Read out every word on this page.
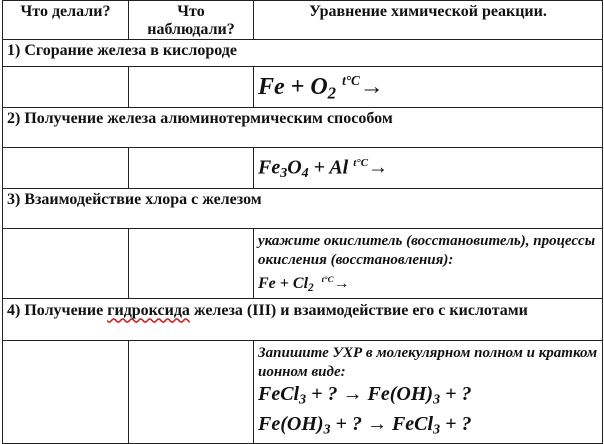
Что делали?	Что наблюдали?	Уравнение химической реакции.
1) Сгорание железа в кислороде		
		$Fe + O_2$ $^{t^\circ C}$→
2) Получение железа алюминотермическим способом		
		$Fe_3O_4 + Al$ $^{t^\circ C}$→
3) Взаимодействие хлора с железом		

		укажите окислитель (восстановитель), процессы окисления (восстановления):
$Fe + Cl_2$  $^{t^\circ C}$→

4) Получение гидроксида железа (III) и взаимодействие его с кислотами		

		Запишите УХР в молекулярном полном и кратком ионном виде:
FeCl$_3$ + ? → $Fe(OH)_3$ + ?
$Fe(OH)_3$ + ? → FeCl$_3$ + ?
